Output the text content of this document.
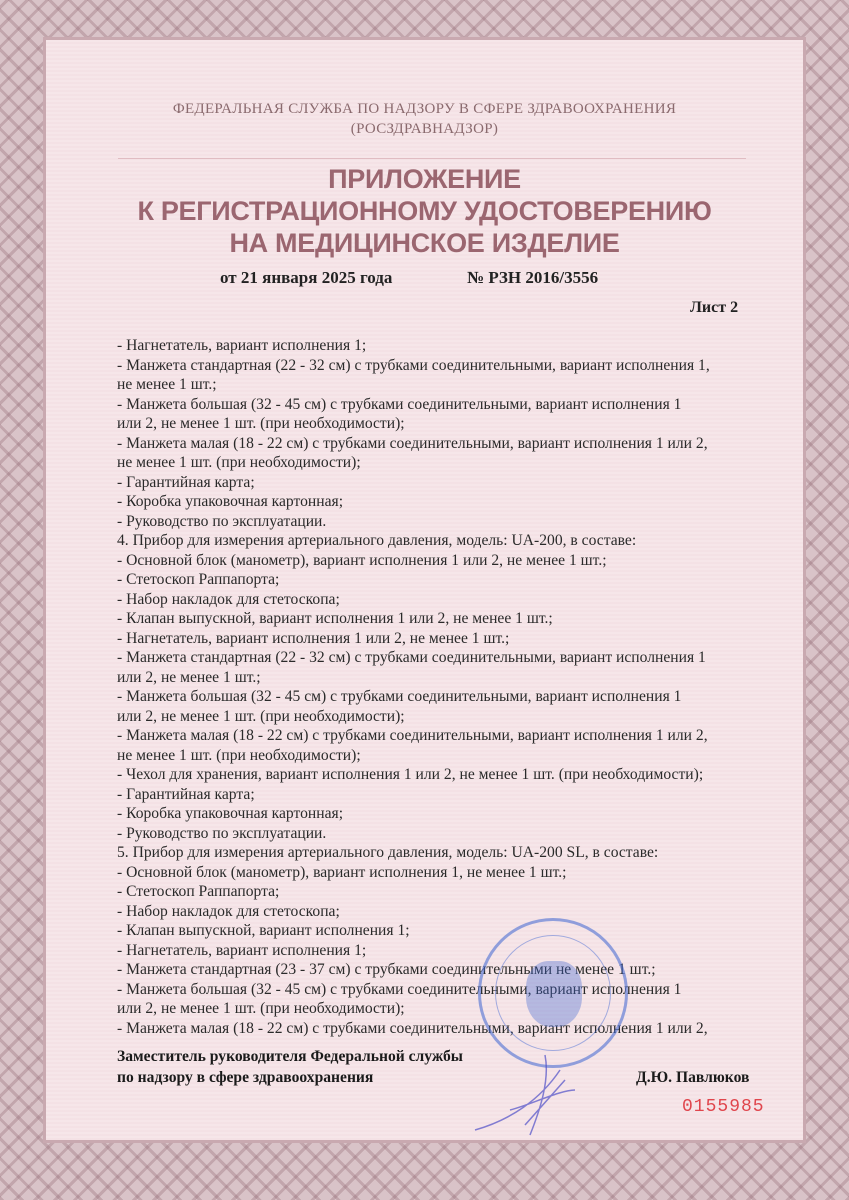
ФЕДЕРАЛЬНАЯ СЛУЖБА ПО НАДЗОРУ В СФЕРЕ ЗДРАВООХРАНЕНИЯ
(РОСЗДРАВНАДЗОР)
ПРИЛОЖЕНИЕ
К РЕГИСТРАЦИОННОМУ УДОСТОВЕРЕНИЮ
НА МЕДИЦИНСКОЕ ИЗДЕЛИЕ
от 21 января 2025 года	№ РЗН 2016/3556
Лист 2
- Нагнетатель, вариант исполнения 1;
- Манжета стандартная (22 - 32 см) с трубками соединительными, вариант исполнения 1,
не менее 1 шт.;
- Манжета большая (32 - 45 см) с трубками соединительными, вариант исполнения 1
или 2, не менее 1 шт. (при необходимости);
- Манжета малая (18 - 22 см) с трубками соединительными, вариант исполнения 1 или 2,
не менее 1 шт. (при необходимости);
- Гарантийная карта;
- Коробка упаковочная картонная;
- Руководство по эксплуатации.
4. Прибор для измерения артериального давления, модель: UA-200, в составе:
- Основной блок (манометр), вариант исполнения 1 или 2, не менее 1 шт.;
- Стетоскоп Раппапорта;
- Набор накладок для стетоскопа;
- Клапан выпускной, вариант исполнения 1 или 2, не менее 1 шт.;
- Нагнетатель, вариант исполнения 1 или 2, не менее 1 шт.;
- Манжета стандартная (22 - 32 см) с трубками соединительными, вариант исполнения 1
или 2, не менее 1 шт.;
- Манжета большая (32 - 45 см) с трубками соединительными, вариант исполнения 1
или 2, не менее 1 шт. (при необходимости);
- Манжета малая (18 - 22 см) с трубками соединительными, вариант исполнения 1 или 2,
не менее 1 шт. (при необходимости);
- Чехол для хранения, вариант исполнения 1 или 2, не менее 1 шт. (при необходимости);
- Гарантийная карта;
- Коробка упаковочная картонная;
- Руководство по эксплуатации.
5. Прибор для измерения артериального давления, модель: UA-200 SL, в составе:
- Основной блок (манометр), вариант исполнения 1, не менее 1 шт.;
- Стетоскоп Раппапорта;
- Набор накладок для стетоскопа;
- Клапан выпускной, вариант исполнения 1;
- Нагнетатель, вариант исполнения 1;
- Манжета стандартная (23 - 37 см) с трубками соединительными не менее 1 шт.;
- Манжета большая (32 - 45 см) с трубками соединительными, вариант исполнения 1
или 2, не менее 1 шт. (при необходимости);
- Манжета малая (18 - 22 см) с трубками соединительными, вариант исполнения 1 или 2,
Заместитель руководителя Федеральной службы
по надзору в сфере здравоохранения	Д.Ю. Павлюков
0155985
